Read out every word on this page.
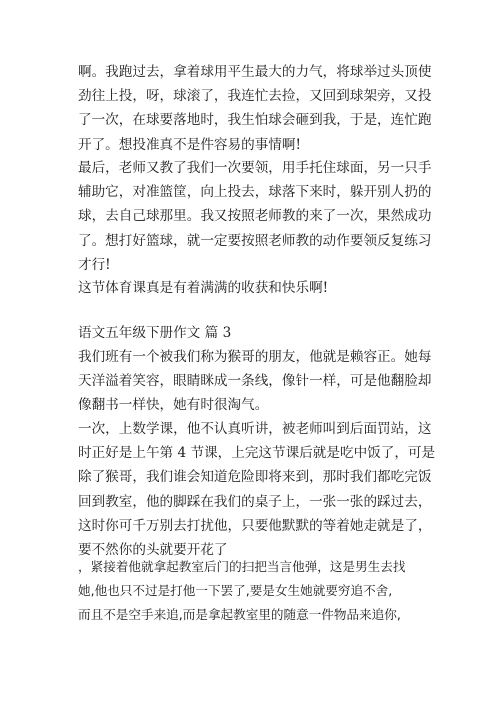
啊。我跑过去，拿着球用平生最大的力气，将球举过头顶使
劲往上投，呀，球滚了，我连忙去捡，又回到球架旁，又投
了一次，在球要落地时，我生怕球会砸到我，于是，连忙跑
开了。想投准真不是件容易的事情啊!
最后，老师又教了我们一次要领，用手托住球面，另一只手
辅助它，对准篮筐，向上投去，球落下来时，躲开别人扔的
球，去自己球那里。我又按照老师教的来了一次，果然成功
了。想打好篮球，就一定要按照老师教的动作要领反复练习
才行!
这节体育课真是有着满满的收获和快乐啊!
语文五年级下册作文 篇 3
我们班有一个被我们称为猴哥的朋友，他就是赖容正。她每
天洋溢着笑容，眼睛眯成一条线，像针一样，可是他翻脸却
像翻书一样快，她有时很淘气。
一次，上数学课，他不认真听讲，被老师叫到后面罚站，这
时正好是上午第 4 节课，上完这节课后就是吃中饭了，可是
除了猴哥，我们谁会知道危险即将来到，那时我们都吃完饭
回到教室，他的脚踩在我们的桌子上，一张一张的踩过去，
这时你可千万别去打扰他，只要他默默的等着她走就是了，
要不然你的头就要开花了
，紧接着他就拿起教室后门的扫把当言他弹，这是男生去找
她,他也只不过是打他一下罢了,要是女生她就要穷追不舍,
而且不是空手来追,而是拿起教室里的随意一件物品来追你,
